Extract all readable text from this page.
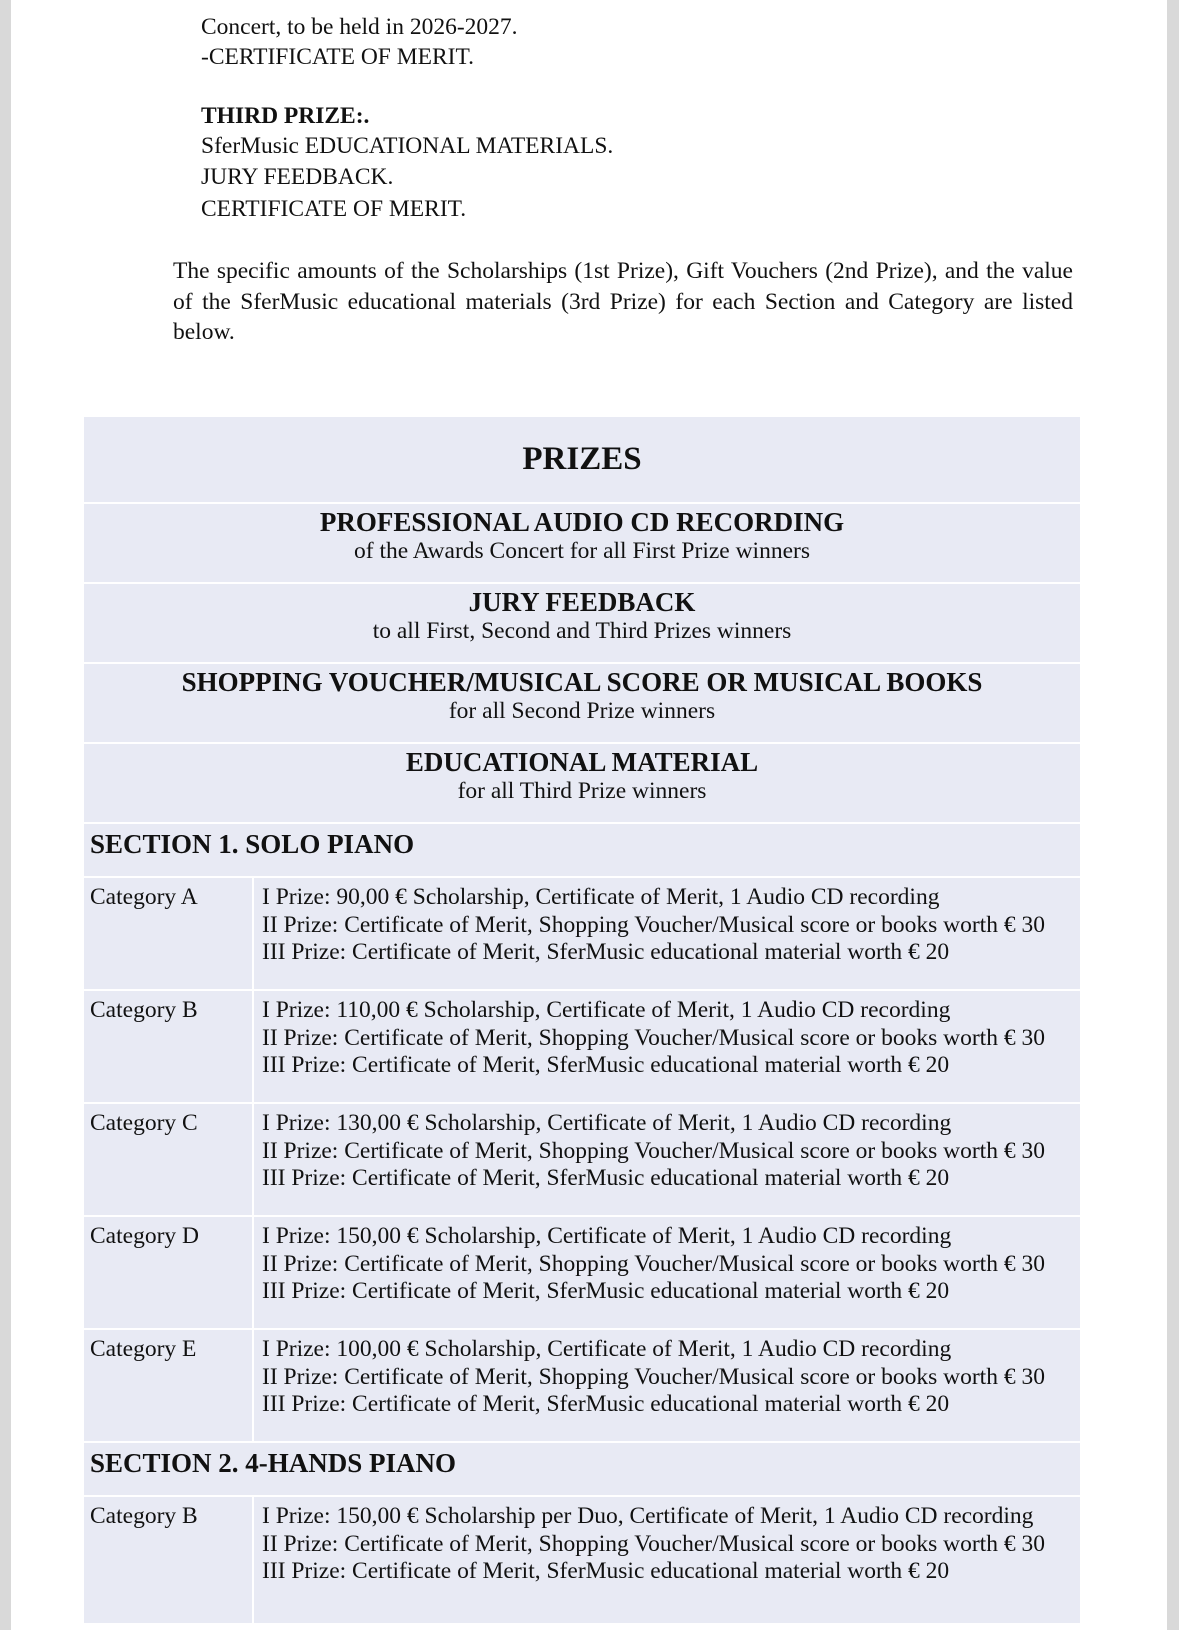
Concert, to be held in 2026-2027.
-CERTIFICATE OF MERIT.
THIRD PRIZE:.
SferMusic EDUCATIONAL MATERIALS.
JURY FEEDBACK.
CERTIFICATE OF MERIT.
The specific amounts of the Scholarships (1st Prize), Gift Vouchers (2nd Prize), and the value of the SferMusic educational materials (3rd Prize) for each Section and Category are listed below.
PRIZES	

PROFESSIONAL AUDIO CD RECORDING
of the Awards Concert for all First Prize winners	

JURY FEEDBACK
to all First, Second and Third Prizes winners	

SHOPPING VOUCHER/MUSICAL SCORE OR MUSICAL BOOKS
for all Second Prize winners	

EDUCATIONAL MATERIAL
for all Third Prize winners	

SECTION 1. SOLO PIANO	
Category A	I Prize: 90,00 € Scholarship, Certificate of Merit, 1 Audio CD recording
II Prize: Certificate of Merit, Shopping Voucher/Musical score or books worth € 30
III Prize: Certificate of Merit, SferMusic educational material worth € 20

Category B	I Prize: 110,00 € Scholarship, Certificate of Merit, 1 Audio CD recording
II Prize: Certificate of Merit, Shopping Voucher/Musical score or books worth € 30
III Prize: Certificate of Merit, SferMusic educational material worth € 20

Category C	I Prize: 130,00 € Scholarship, Certificate of Merit, 1 Audio CD recording
II Prize: Certificate of Merit, Shopping Voucher/Musical score or books worth € 30
III Prize: Certificate of Merit, SferMusic educational material worth € 20

Category D	I Prize: 150,00 € Scholarship, Certificate of Merit, 1 Audio CD recording
II Prize: Certificate of Merit, Shopping Voucher/Musical score or books worth € 30
III Prize: Certificate of Merit, SferMusic educational material worth € 20

Category E	I Prize: 100,00 € Scholarship, Certificate of Merit, 1 Audio CD recording
II Prize: Certificate of Merit, Shopping Voucher/Musical score or books worth € 30
III Prize: Certificate of Merit, SferMusic educational material worth € 20

SECTION 2. 4-HANDS PIANO	
Category B	I Prize: 150,00 € Scholarship per Duo, Certificate of Merit, 1 Audio CD recording
II Prize: Certificate of Merit, Shopping Voucher/Musical score or books worth € 30
III Prize: Certificate of Merit, SferMusic educational material worth € 20
